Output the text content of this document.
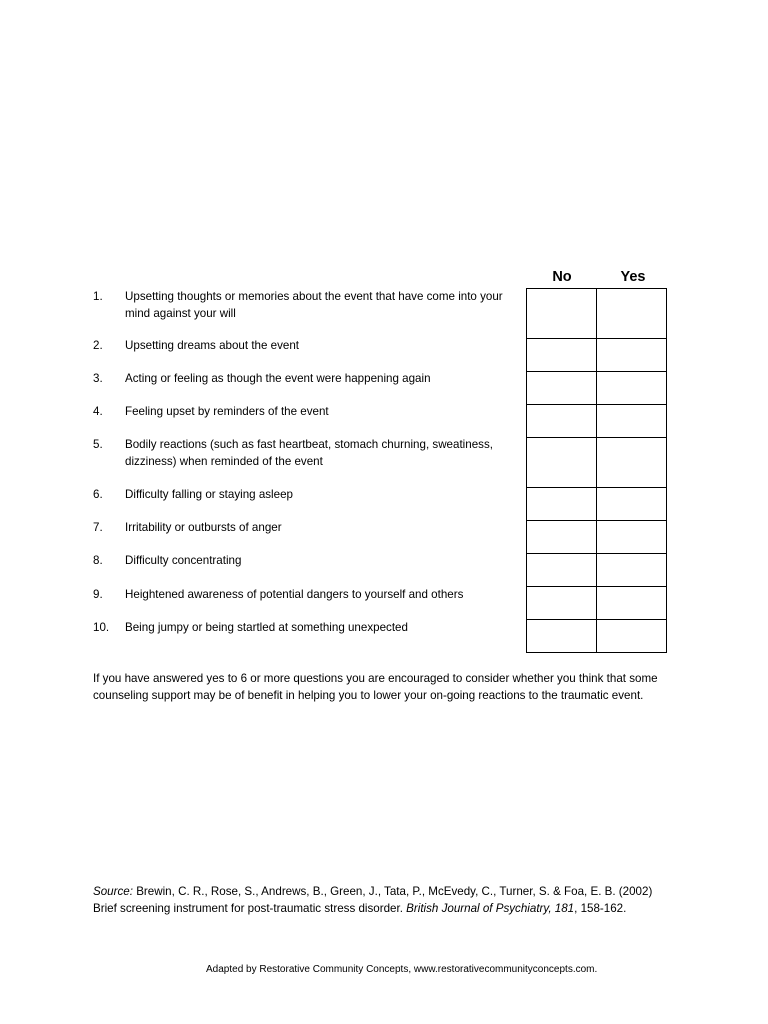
No	Yes
1. Upsetting thoughts or memories about the event that have come into your mind against your will
2. Upsetting dreams about the event
3. Acting or feeling as though the event were happening again
4. Feeling upset by reminders of the event
5. Bodily reactions (such as fast heartbeat, stomach churning, sweatiness, dizziness) when reminded of the event
6. Difficulty falling or staying asleep
7. Irritability or outbursts of anger
8. Difficulty concentrating
9. Heightened awareness of potential dangers to yourself and others
10. Being jumpy or being startled at something unexpected

If you have answered yes to 6 or more questions you are encouraged to consider whether you think that some counseling support may be of benefit in helping you to lower your on-going reactions to the traumatic event.
Source: Brewin, C. R., Rose, S., Andrews, B., Green, J., Tata, P., McEvedy, C., Turner, S. & Foa, E. B. (2002) Brief screening instrument for post-traumatic stress disorder. British Journal of Psychiatry, 181, 158-162.
Adapted by Restorative Community Concepts, www.restorativecommunityconcepts.com.
